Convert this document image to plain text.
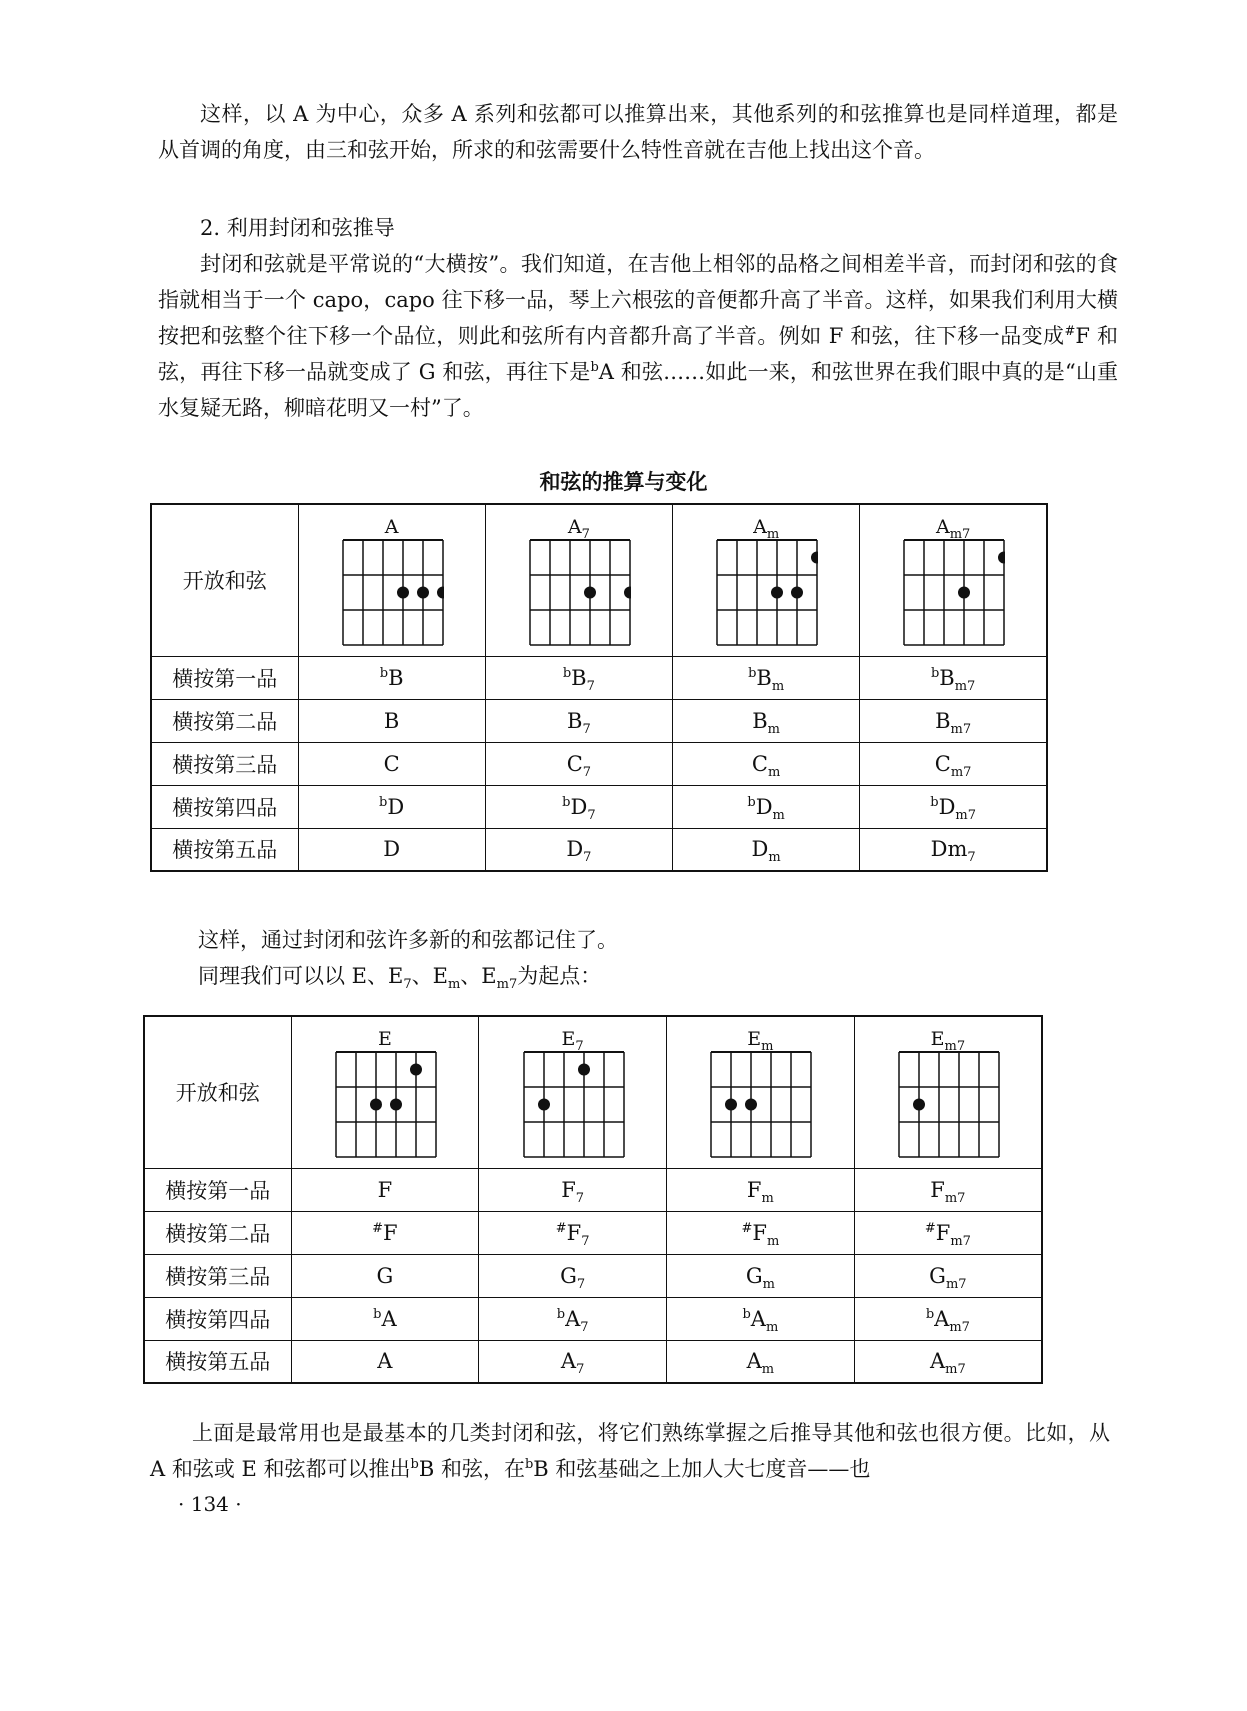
这样，以 A 为中心，众多 A 系列和弦都可以推算出来，其他系列的和弦推算也是同样道理，都是从首调的角度，由三和弦开始，所求的和弦需要什么特性音就在吉他上找出这个音。

2. 利用封闭和弦推导

封闭和弦就是平常说的“大横按”。我们知道，在吉他上相邻的品格之间相差半音，而封闭和弦的食指就相当于一个 capo，capo 往下移一品，琴上六根弦的音便都升高了半音。这样，如果我们利用大横按把和弦整个往下移一个品位，则此和弦所有内音都升高了半音。例如 F 和弦，往下移一品变成#F 和弦，再往下移一品就变成了 G 和弦，再往下是$^b$A 和弦……如此一来，和弦世界在我们眼中真的是“山重水复疑无路，柳暗花明又一村”了。

和弦的推算与变化
开放和弦	A	$A_7$	$A_m$	$A_{m7}$

横按第一品	$^b$B	$^bB_7$	$^bB_m$	$^bB_{m7}$
横按第二品	B	$B_7$	$B_m$	$B_{m7}$
横按第三品	C	$C_7$	$C_m$	$C_{m7}$
横按第四品	$^b$D	$^bD_7$	$^bD_m$	$^bD_{m7}$
横按第五品	D	$D_7$	$D_m$	$Dm_7$

这样，通过封闭和弦许多新的和弦都记住了。

同理我们可以以 E、$E_7$、$E_m$、$E_{m7}$为起点：

开放和弦	E	$E_7$	$E_m$	$E_{m7}$

横按第一品	F	$F_7$	$F_m$	$F_{m7}$
横按第二品	#F	$^{\#}F_7$	$^{\#}F_m$	$^{\#}F_{m7}$
横按第三品	G	$G_7$	$G_m$	$G_{m7}$
横按第四品	$^b$A	$^bA_7$	$^bA_m$	$^bA_{m7}$
横按第五品	A	$A_7$	$A_m$	$A_{m7}$

上面是最常用也是最基本的几类封闭和弦，将它们熟练掌握之后推导其他和弦也很方便。比如，从 A 和弦或 E 和弦都可以推出$^b$B 和弦，在$^b$B 和弦基础之上加人大七度音——也

· 134 ·
